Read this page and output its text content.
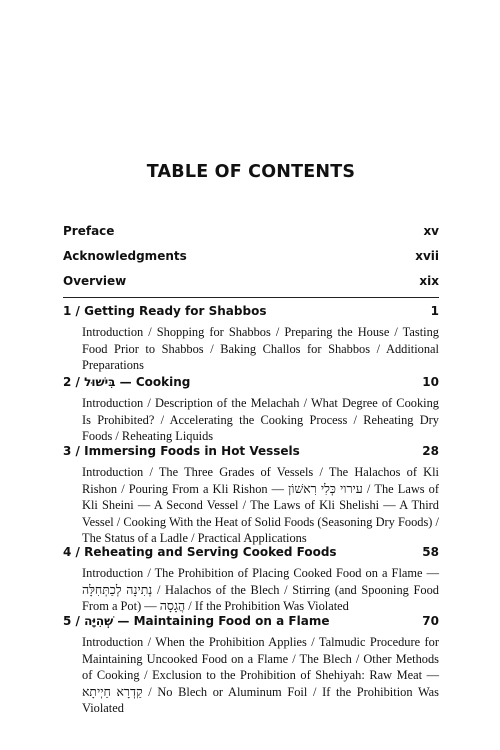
TABLE OF CONTENTS
Preface	xv
Acknowledgments	xvii
Overview	xix
1 / Getting Ready for Shabbos	1
Introduction / Shopping for Shabbos / Preparing the House / Tasting Food Prior to Shabbos / Baking Challos for Shabbos / Additional Preparations
2 / בִּישׁוּל — Cooking	10
Introduction / Description of the Melachah / What Degree of Cooking Is Prohibited? / Accelerating the Cooking Process / Reheating Dry Foods / Reheating Liquids
3 / Immersing Foods in Hot Vessels	28
Introduction / The Three Grades of Vessels / The Halachos of Kli Rishon / Pouring From a Kli Rishon — עירוי כְּלִי רִאשׁוֹן / The Laws of Kli Sheini — A Second Vessel / The Laws of Kli Shelishi — A Third Vessel / Cooking With the Heat of Solid Foods (Seasoning Dry Foods) / The Status of a Ladle / Practical Applications
4 / Reheating and Serving Cooked Foods	58
Introduction / The Prohibition of Placing Cooked Food on a Flame — נְתִינָה לְכַתְּחִלָּה / Halachos of the Blech / Stirring (and Spooning Food From a Pot) — הֲגָסָה / If the Prohibition Was Violated
5 / שְׁהִיָּה — Maintaining Food on a Flame	70
Introduction / When the Prohibition Applies / Talmudic Procedure for Maintaining Uncooked Food on a Flame / The Blech / Other Methods of Cooking / Exclusion to the Prohibition of Shehiyah: Raw Meat — קַדְרָא חַיְיתָא / No Blech or Aluminum Foil / If the Prohibition Was Violated
